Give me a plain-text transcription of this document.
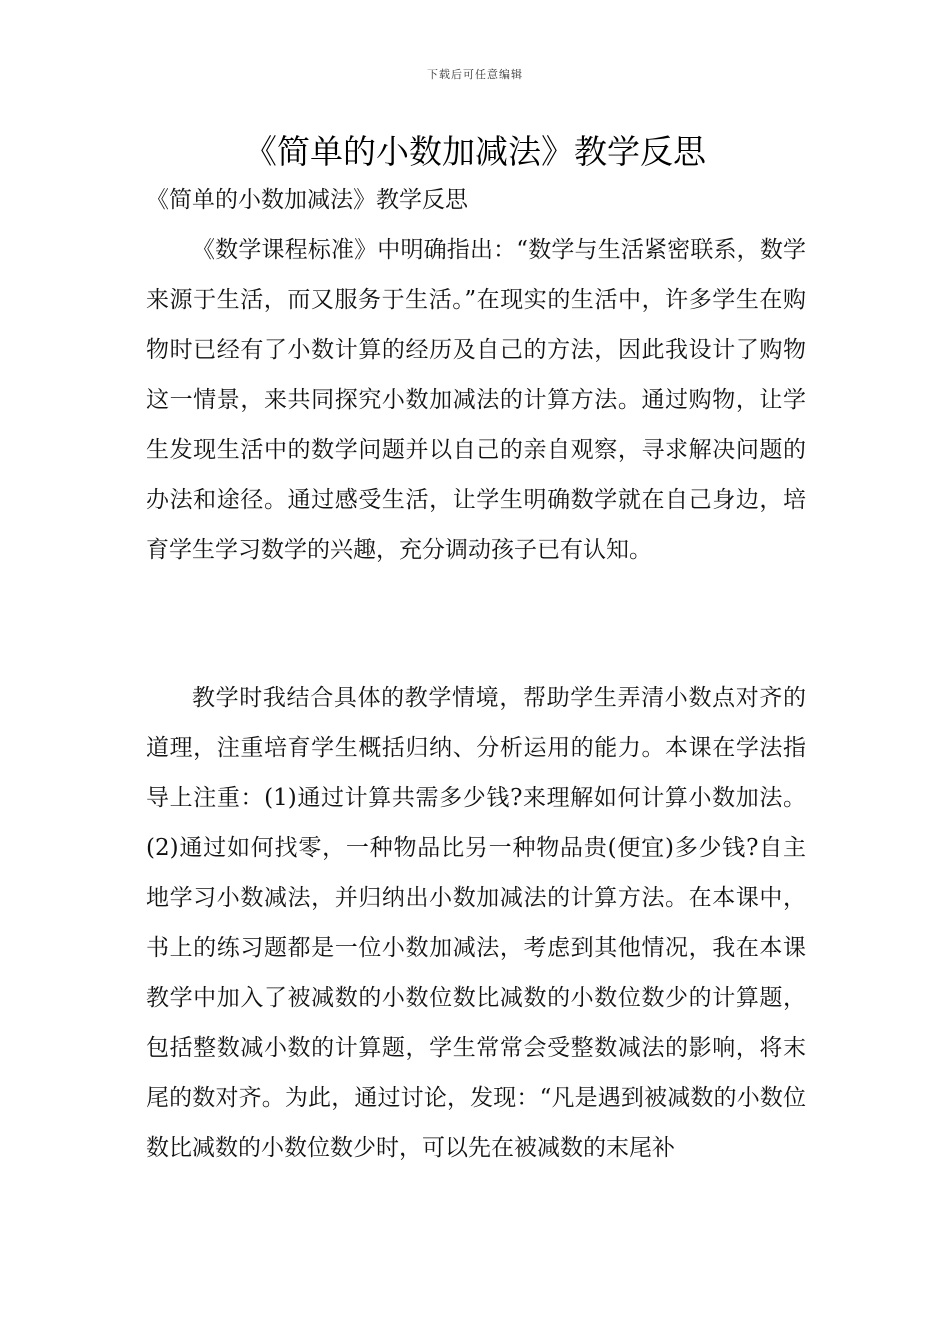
下载后可任意编辑
《简单的小数加减法》教学反思

《简单的小数加减法》教学反思

《数学课程标准》中明确指出：“数学与生活紧密联系，数学来源于生活，而又服务于生活。”在现实的生活中，许多学生在购物时已经有了小数计算的经历及自己的方法，因此我设计了购物这一情景，来共同探究小数加减法的计算方法。通过购物，让学生发现生活中的数学问题并以自己的亲自观察，寻求解决问题的办法和途径。通过感受生活，让学生明确数学就在自己身边，培育学生学习数学的兴趣，充分调动孩子已有认知。

教学时我结合具体的教学情境，帮助学生弄清小数点对齐的道理，注重培育学生概括归纳、分析运用的能力。本课在学法指导上注重：(1)通过计算共需多少钱?来理解如何计算小数加法。(2)通过如何找零，一种物品比另一种物品贵(便宜)多少钱?自主地学习小数减法，并归纳出小数加减法的计算方法。在本课中，书上的练习题都是一位小数加减法，考虑到其他情况，我在本课教学中加入了被减数的小数位数比减数的小数位数少的计算题，包括整数减小数的计算题，学生常常会受整数减法的影响，将末尾的数对齐。为此，通过讨论，发现：“凡是遇到被减数的小数位数比减数的小数位数少时，可以先在被减数的末尾补
